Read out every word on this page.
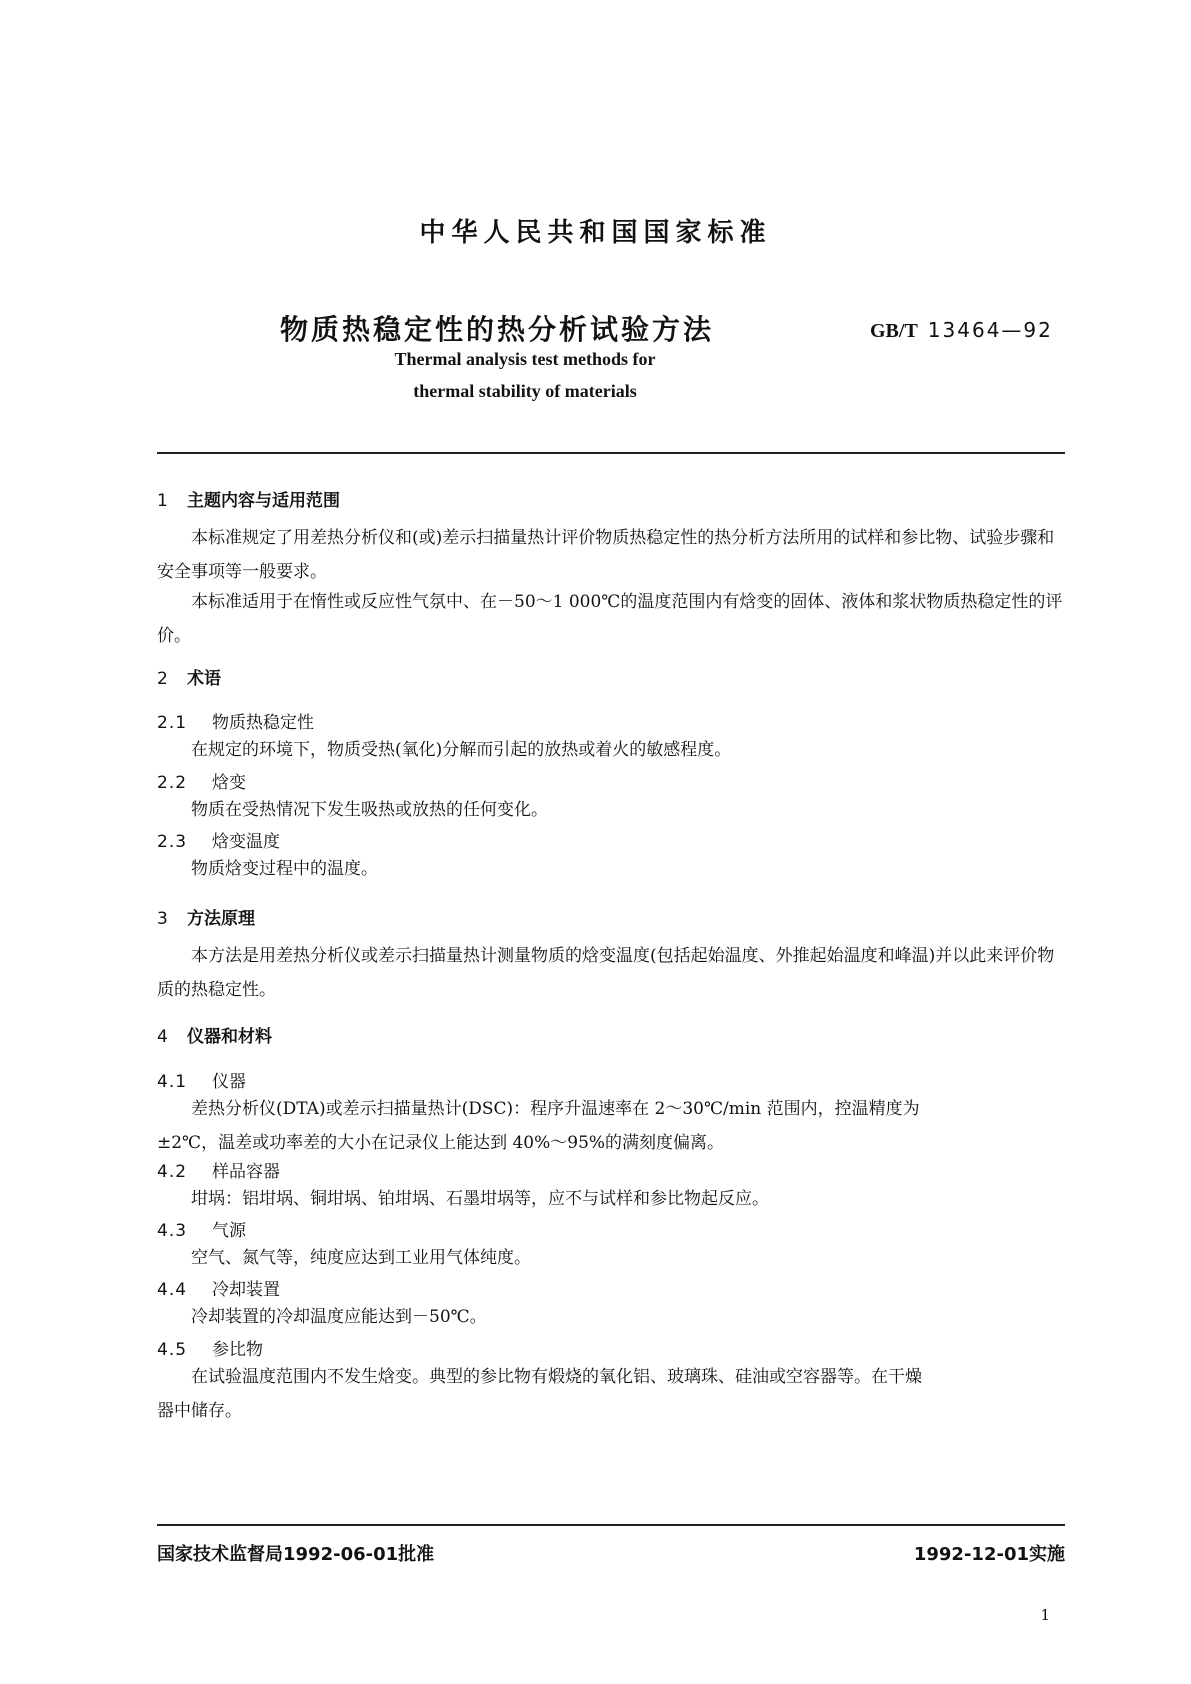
中华人民共和国国家标准
物质热稳定性的热分析试验方法	GB/T 13464—92
Thermal analysis test methods for
thermal stability of materials
1 主题内容与适用范围
本标准规定了用差热分析仪和(或)差示扫描量热计评价物质热稳定性的热分析方法所用的试样和参比物、试验步骤和安全事项等一般要求。
本标准适用于在惰性或反应性气氛中、在－50～1 000℃的温度范围内有焓变的固体、液体和浆状物质热稳定性的评价。
2 术语
2.1 物质热稳定性
在规定的环境下，物质受热(氧化)分解而引起的放热或着火的敏感程度。
2.2 焓变
物质在受热情况下发生吸热或放热的任何变化。
2.3 焓变温度
物质焓变过程中的温度。
3 方法原理
本方法是用差热分析仪或差示扫描量热计测量物质的焓变温度(包括起始温度、外推起始温度和峰温)并以此来评价物质的热稳定性。
4 仪器和材料
4.1 仪器
差热分析仪(DTA)或差示扫描量热计(DSC)：程序升温速率在 2～30℃/min 范围内，控温精度为
±2℃，温差或功率差的大小在记录仪上能达到 40%～95%的满刻度偏离。
4.2 样品容器
坩埚：铝坩埚、铜坩埚、铂坩埚、石墨坩埚等，应不与试样和参比物起反应。
4.3 气源
空气、氮气等，纯度应达到工业用气体纯度。
4.4 冷却装置
冷却装置的冷却温度应能达到－50℃。
4.5 参比物
在试验温度范围内不发生焓变。典型的参比物有煅烧的氧化铝、玻璃珠、硅油或空容器等。在干燥
器中储存。
国家技术监督局1992-06-01批准	1992-12-01实施
1
